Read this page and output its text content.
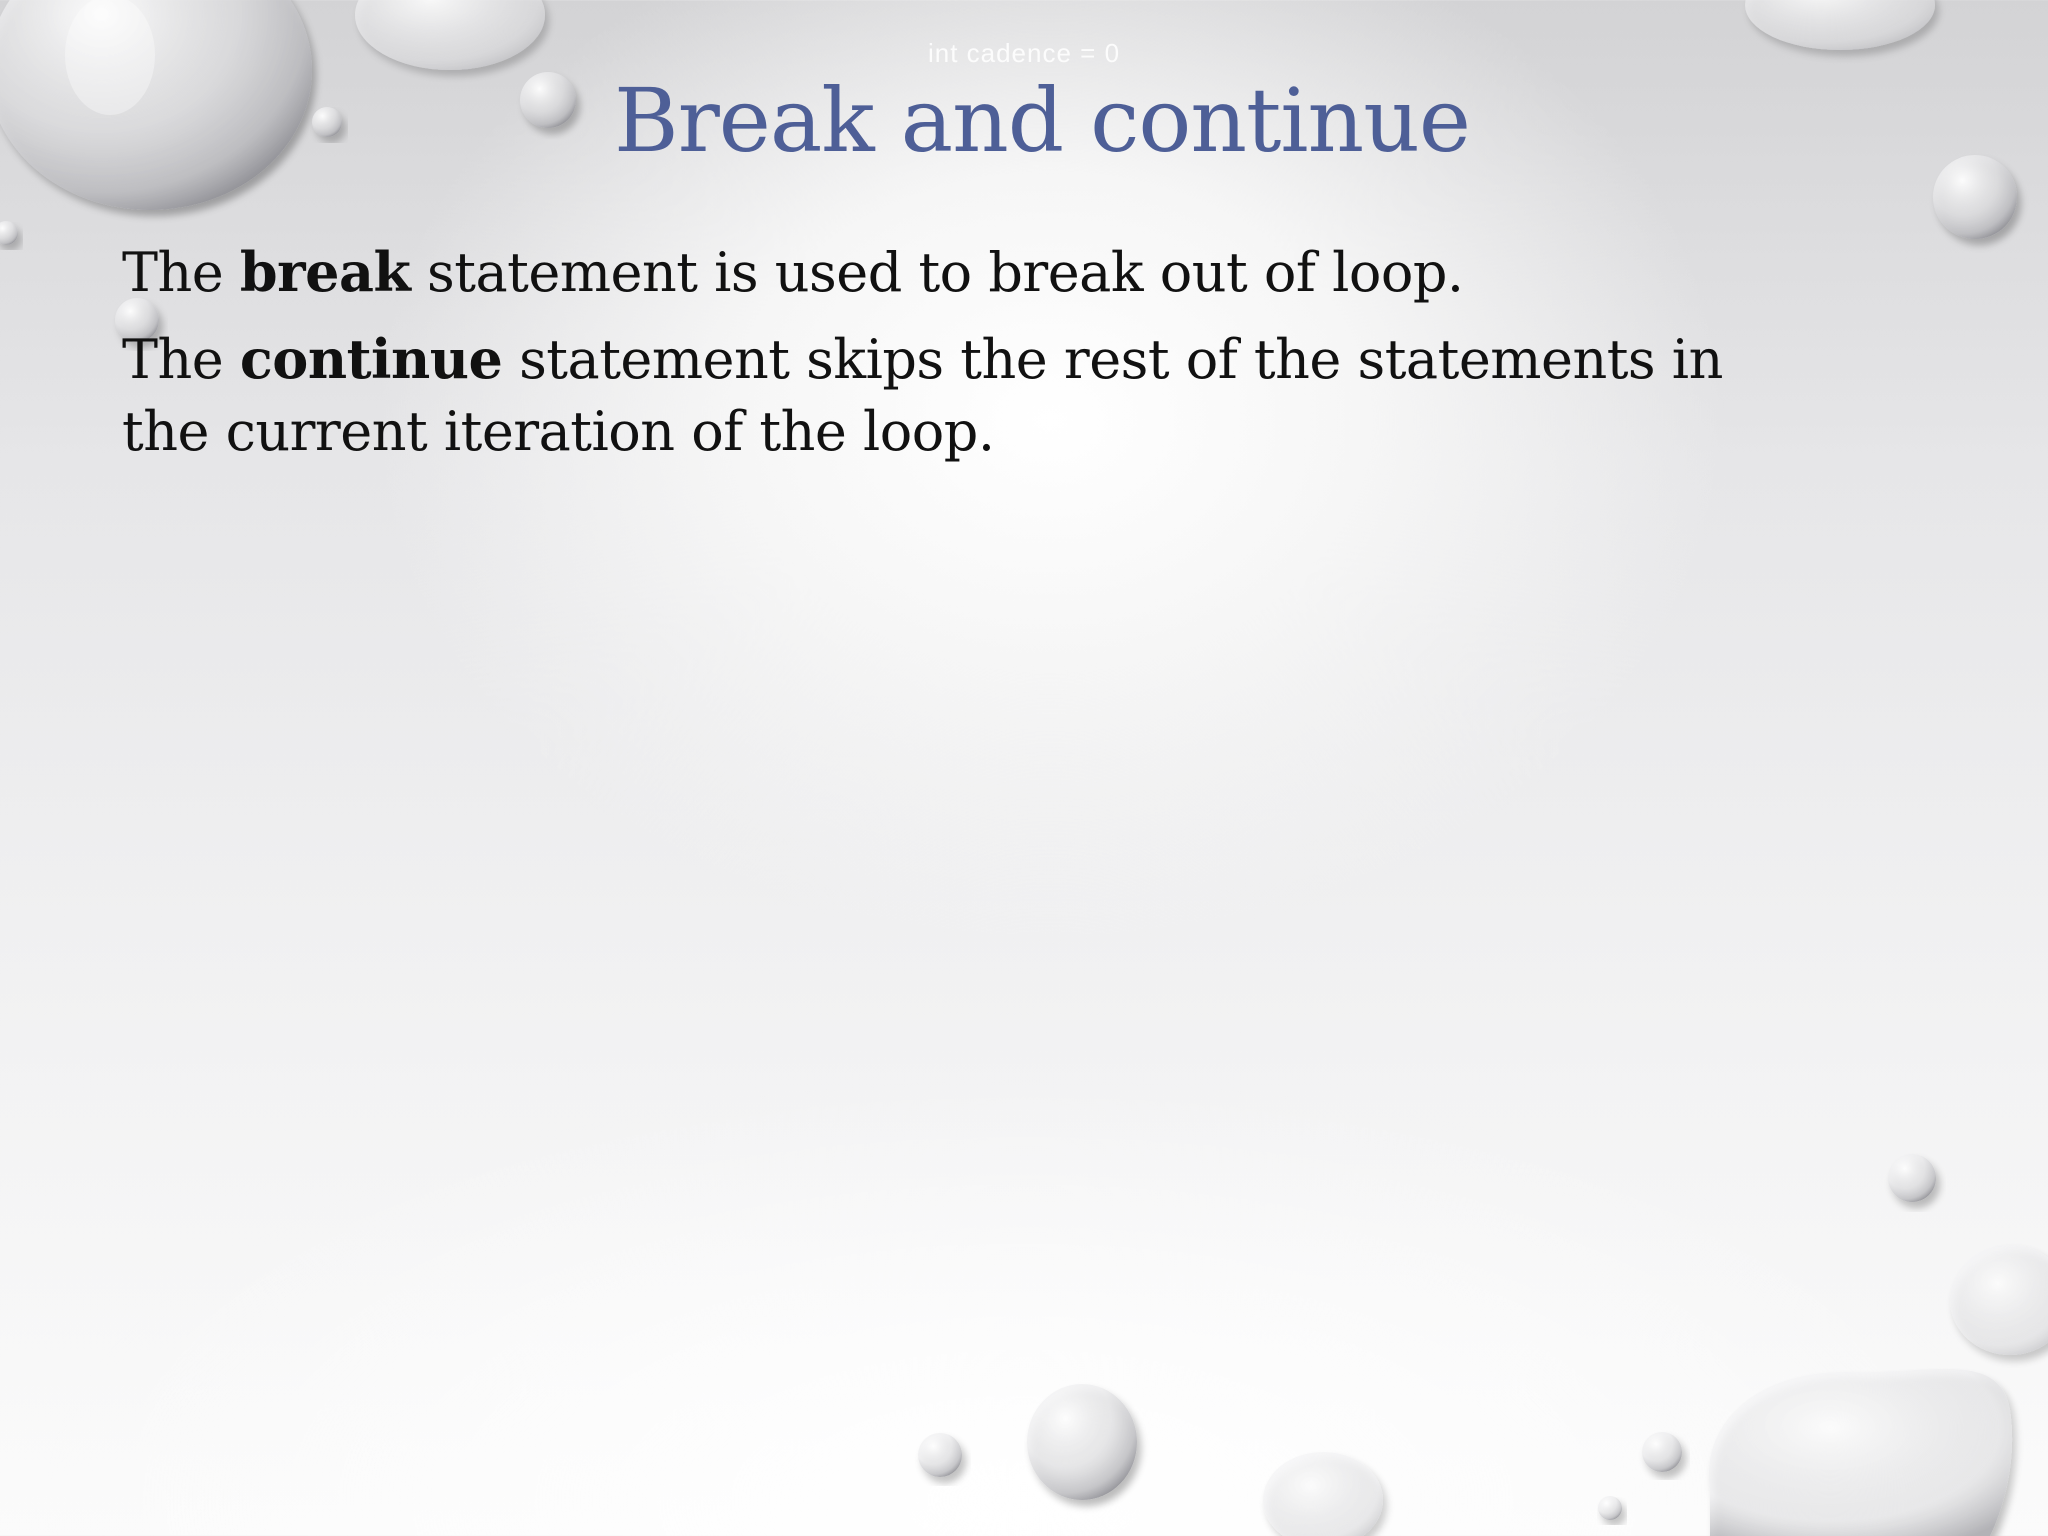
int cadence = 0
Break and continue

The break statement is used to break out of loop.

The continue statement skips the rest of the statements in the current iteration of the loop.
